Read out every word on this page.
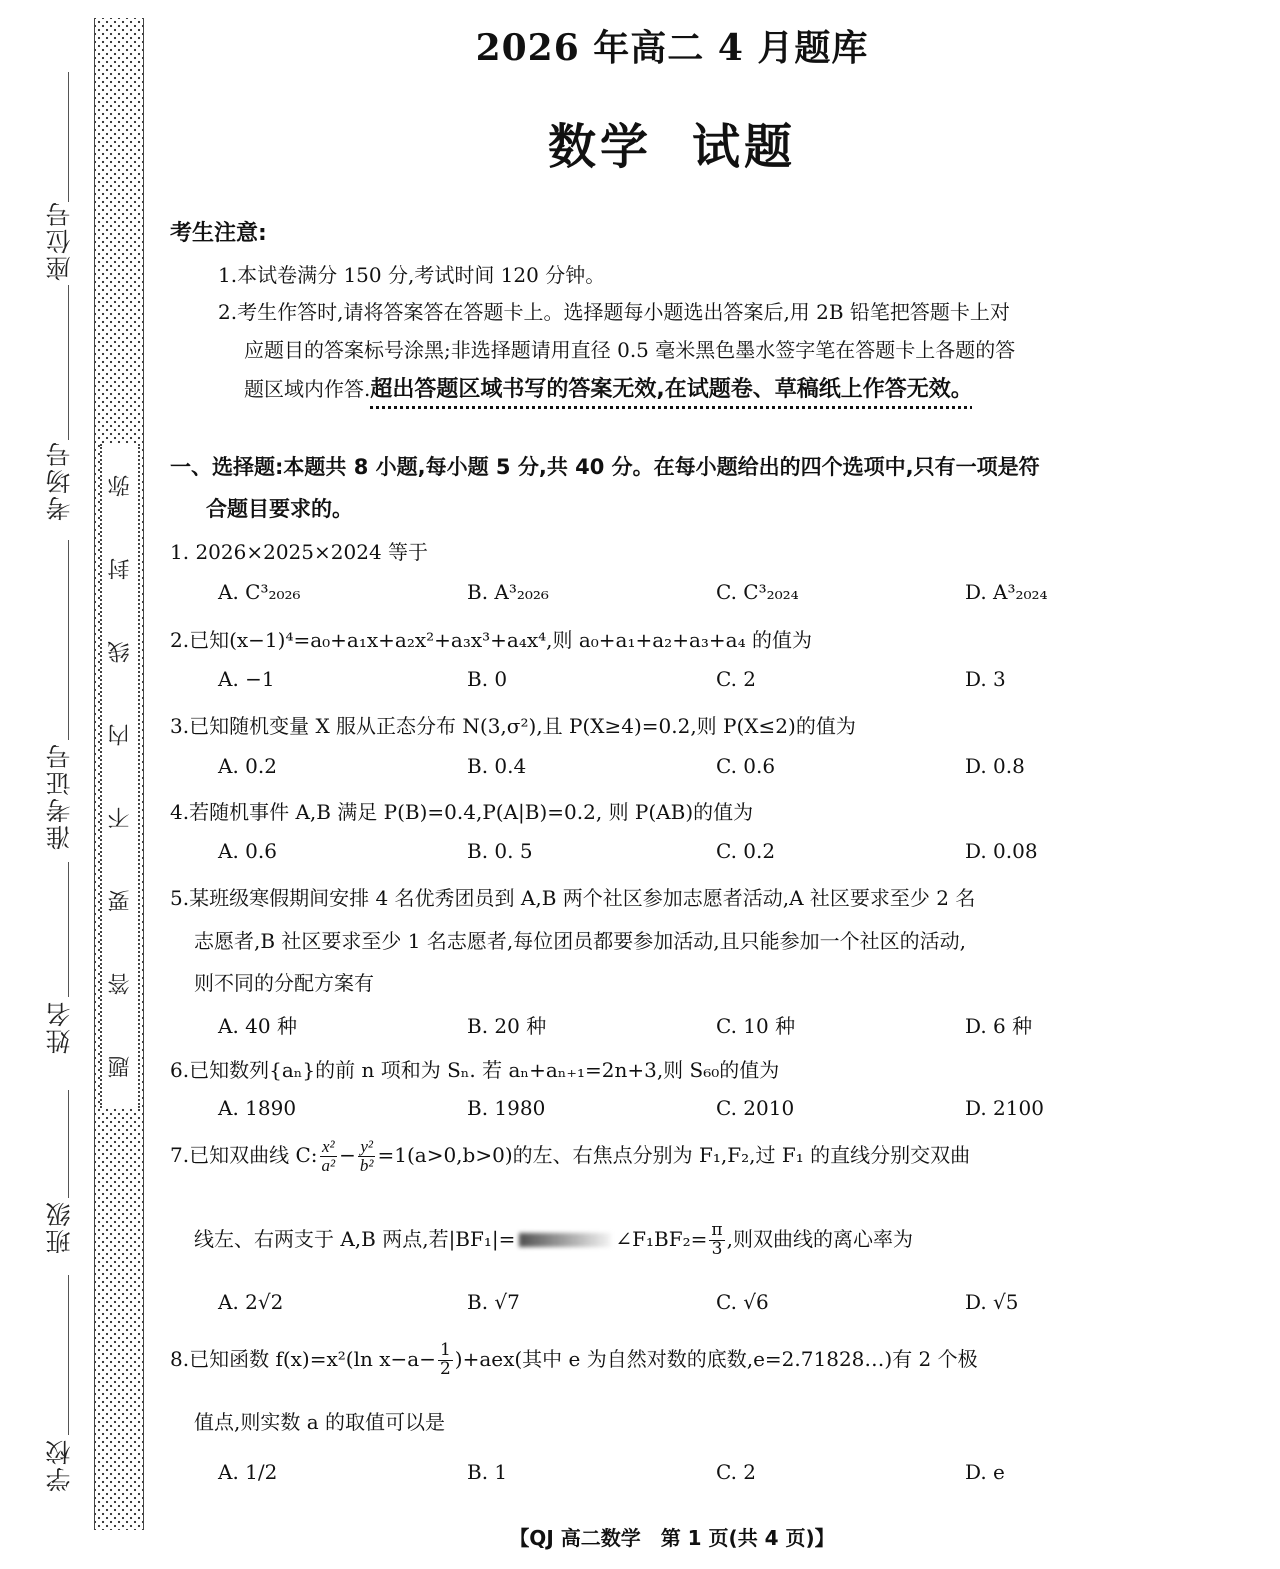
座位号
考场号
准考证号
姓名
班级
学校
题
答
要
不
内
线
封
弥
2026 年高二 4 月题库
数学 试题
考生注意:
1.本试卷满分 150 分,考试时间 120 分钟。
2.考生作答时,请将答案答在答题卡上。选择题每小题选出答案后,用 2B 铅笔把答题卡上对
应题目的答案标号涂黑;非选择题请用直径 0.5 毫米黑色墨水签字笔在答题卡上各题的答
题区域内作答.超出答题区域书写的答案无效,在试题卷、草稿纸上作答无效。
一、选择题:本题共 8 小题,每小题 5 分,共 40 分。在每小题给出的四个选项中,只有一项是符
合题目要求的。
1. 2026×2025×2024 等于
A. C³₂₀₂₆	B. A³₂₀₂₆	C. C³₂₀₂₄	D. A³₂₀₂₄
2.已知(x−1)⁴=a₀+a₁x+a₂x²+a₃x³+a₄x⁴,则 a₀+a₁+a₂+a₃+a₄ 的值为
A. −1	B. 0	C. 2	D. 3
3.已知随机变量 X 服从正态分布 N(3,σ²),且 P(X≥4)=0.2,则 P(X≤2)的值为
A. 0.2	B. 0.4	C. 0.6	D. 0.8
4.若随机事件 A,B 满足 P(B)=0.4,P(A|B)=0.2, 则 P(AB)的值为
A. 0.6	B. 0. 5	C. 0.2	D. 0.08
5.某班级寒假期间安排 4 名优秀团员到 A,B 两个社区参加志愿者活动,A 社区要求至少 2 名
志愿者,B 社区要求至少 1 名志愿者,每位团员都要参加活动,且只能参加一个社区的活动,
则不同的分配方案有
A. 40 种	B. 20 种	C. 10 种	D. 6 种
6.已知数列{aₙ}的前 n 项和为 Sₙ. 若 aₙ+aₙ₊₁=2n+3,则 S₆₀的值为
A. 1890	B. 1980	C. 2010	D. 2100
7.已知双曲线 C: $\frac{\text{x²}}{\text{a²}} - \frac{\text{y²}}{\text{b²}} =1(a>0,b>0)$的左、右焦点分别为 F₁,F₂,过 F₁ 的直线分别交双曲
线左、右两支于 A,B 两点,若|BF₁|=	∠F₁BF₂= $\frac{\pi}{3}$ ,则双曲线的离心率为
A. 2√2	B. √7	C. √6	D. √5
8.已知函数 f(x)=x²(ln $x-a- \frac{1}{2} )+aex$(其中 e 为自然对数的底数,e=2.71828…)有 2 个极
值点,则实数 a 的取值可以是
A. 1/2	B. 1	C. 2	D. e
【QJ 高二数学　第 1 页(共 4 页)】
